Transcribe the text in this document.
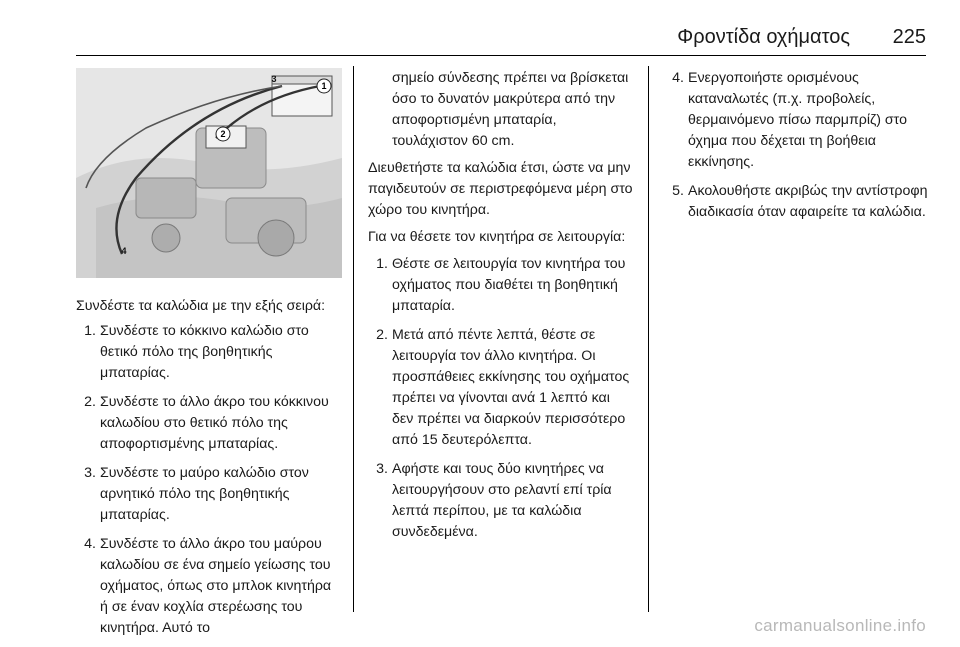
Φροντίδα οχήματος 225
1
2
3
4

Συνδέστε τα καλώδια με την εξής σειρά:

1. Συνδέστε το κόκκινο καλώδιο στο θετικό πόλο της βοηθητικής μπαταρίας.
2. Συνδέστε το άλλο άκρο του κόκκινου καλωδίου στο θετικό πόλο της αποφορτισμένης μπαταρίας.
3. Συνδέστε το μαύρο καλώδιο στον αρνητικό πόλο της βοηθητικής μπαταρίας.
4. Συνδέστε το άλλο άκρο του μαύρου καλωδίου σε ένα σημείο γείωσης του οχήματος, όπως στο μπλοκ κινητήρα ή σε έναν κοχλία στερέωσης του κινητήρα. Αυτό το

σημείο σύνδεσης πρέπει να βρίσκεται όσο το δυνατόν μακρύτερα από την αποφορτισμένη μπαταρία, τουλάχιστον 60 cm.

Διευθετήστε τα καλώδια έτσι, ώστε να μην παγιδευτούν σε περιστρεφόμενα μέρη στο χώρο του κινητήρα.

Για να θέσετε τον κινητήρα σε λειτουργία:

1. Θέστε σε λειτουργία τον κινητήρα του οχήματος που διαθέτει τη βοηθητική μπαταρία.
2. Μετά από πέντε λεπτά, θέστε σε λειτουργία τον άλλο κινητήρα. Οι προσπάθειες εκκίνησης του οχήματος πρέπει να γίνονται ανά 1 λεπτό και δεν πρέπει να διαρκούν περισσότερο από 15 δευτερόλεπτα.
3. Αφήστε και τους δύο κινητήρες να λειτουργήσουν στο ρελαντί επί τρία λεπτά περίπου, με τα καλώδια συνδεδεμένα.
4. Ενεργοποιήστε ορισμένους καταναλωτές (π.χ. προβολείς, θερμαινόμενο πίσω παρμπρίζ) στο όχημα που δέχεται τη βοήθεια εκκίνησης.
5. Ακολουθήστε ακριβώς την αντίστροφη διαδικασία όταν αφαιρείτε τα καλώδια.
carmanualsonline.info
